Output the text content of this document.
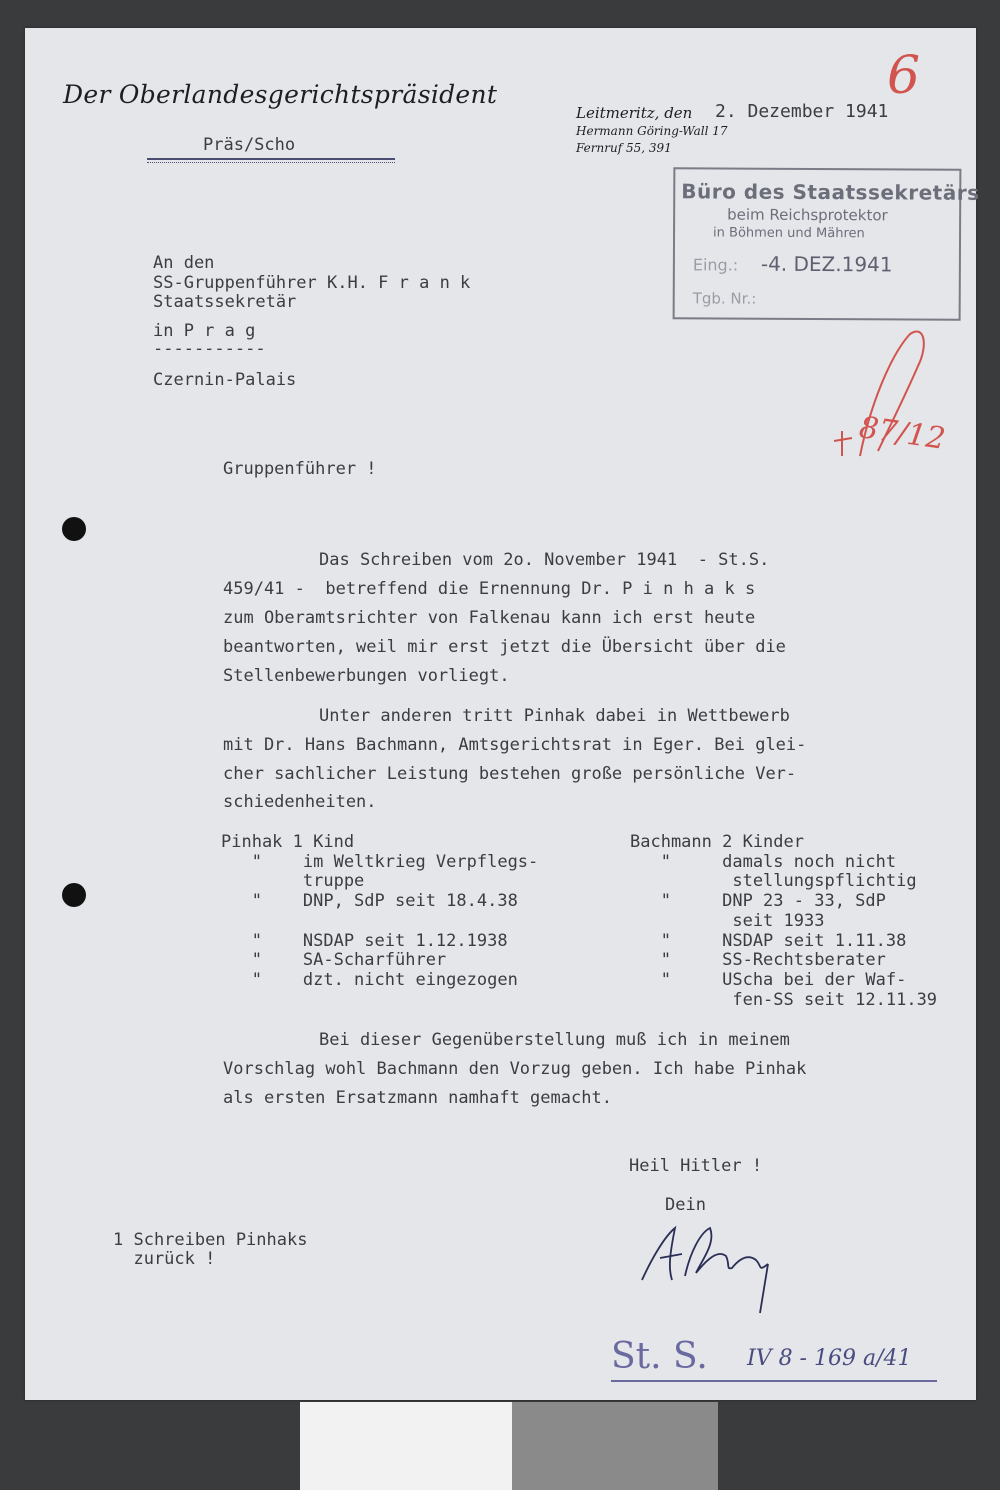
Der Oberlandesgerichtspräsident
Präs/Scho
Leitmeritz, den 2. Dezember 1941
Hermann Göring-Wall 17
Fernruf 55, 391
6
Büro des Staatssekretärs
beim Reichsprotektor
in Böhmen und Mähren
Eing.: -4. DEZ.1941
Tgb. Nr.:
An den
SS-Gruppenführer K.H. F r a n k
Staatssekretär
in P r a g
-----------
Czernin-Palais
87/12
Gruppenführer !
Das Schreiben vom 2o. November 1941  - St.S.
459/41 -  betreffend die Ernennung Dr. P i n h a k s
zum Oberamtsrichter von Falkenau kann ich erst heute
beantworten, weil mir erst jetzt die Übersicht über die
Stellenbewerbungen vorliegt.
Unter anderen tritt Pinhak dabei in Wettbewerb
mit Dr. Hans Bachmann, Amtsgerichtsrat in Eger. Bei glei-
cher sachlicher Leistung bestehen große persönliche Ver-
schiedenheiten.
Pinhak 1 Kind
"    im Weltkrieg Verpflegs-
truppe
"    DNP, SdP seit 18.4.38
"    NSDAP seit 1.12.1938
"    SA-Scharführer
"    dzt. nicht eingezogen
Bachmann 2 Kinder
"     damals noch nicht
stellungspflichtig
"     DNP 23 - 33, SdP
seit 1933
"     NSDAP seit 1.11.38
"     SS-Rechtsberater
"     UScha bei der Waf-
fen-SS seit 12.11.39
Bei dieser Gegenüberstellung muß ich in meinem
Vorschlag wohl Bachmann den Vorzug geben. Ich habe Pinhak
als ersten Ersatzmann namhaft gemacht.
Heil Hitler !
Dein
1 Schreiben Pinhaks
zurück !
St. S. IV 8 - 169 a/41
